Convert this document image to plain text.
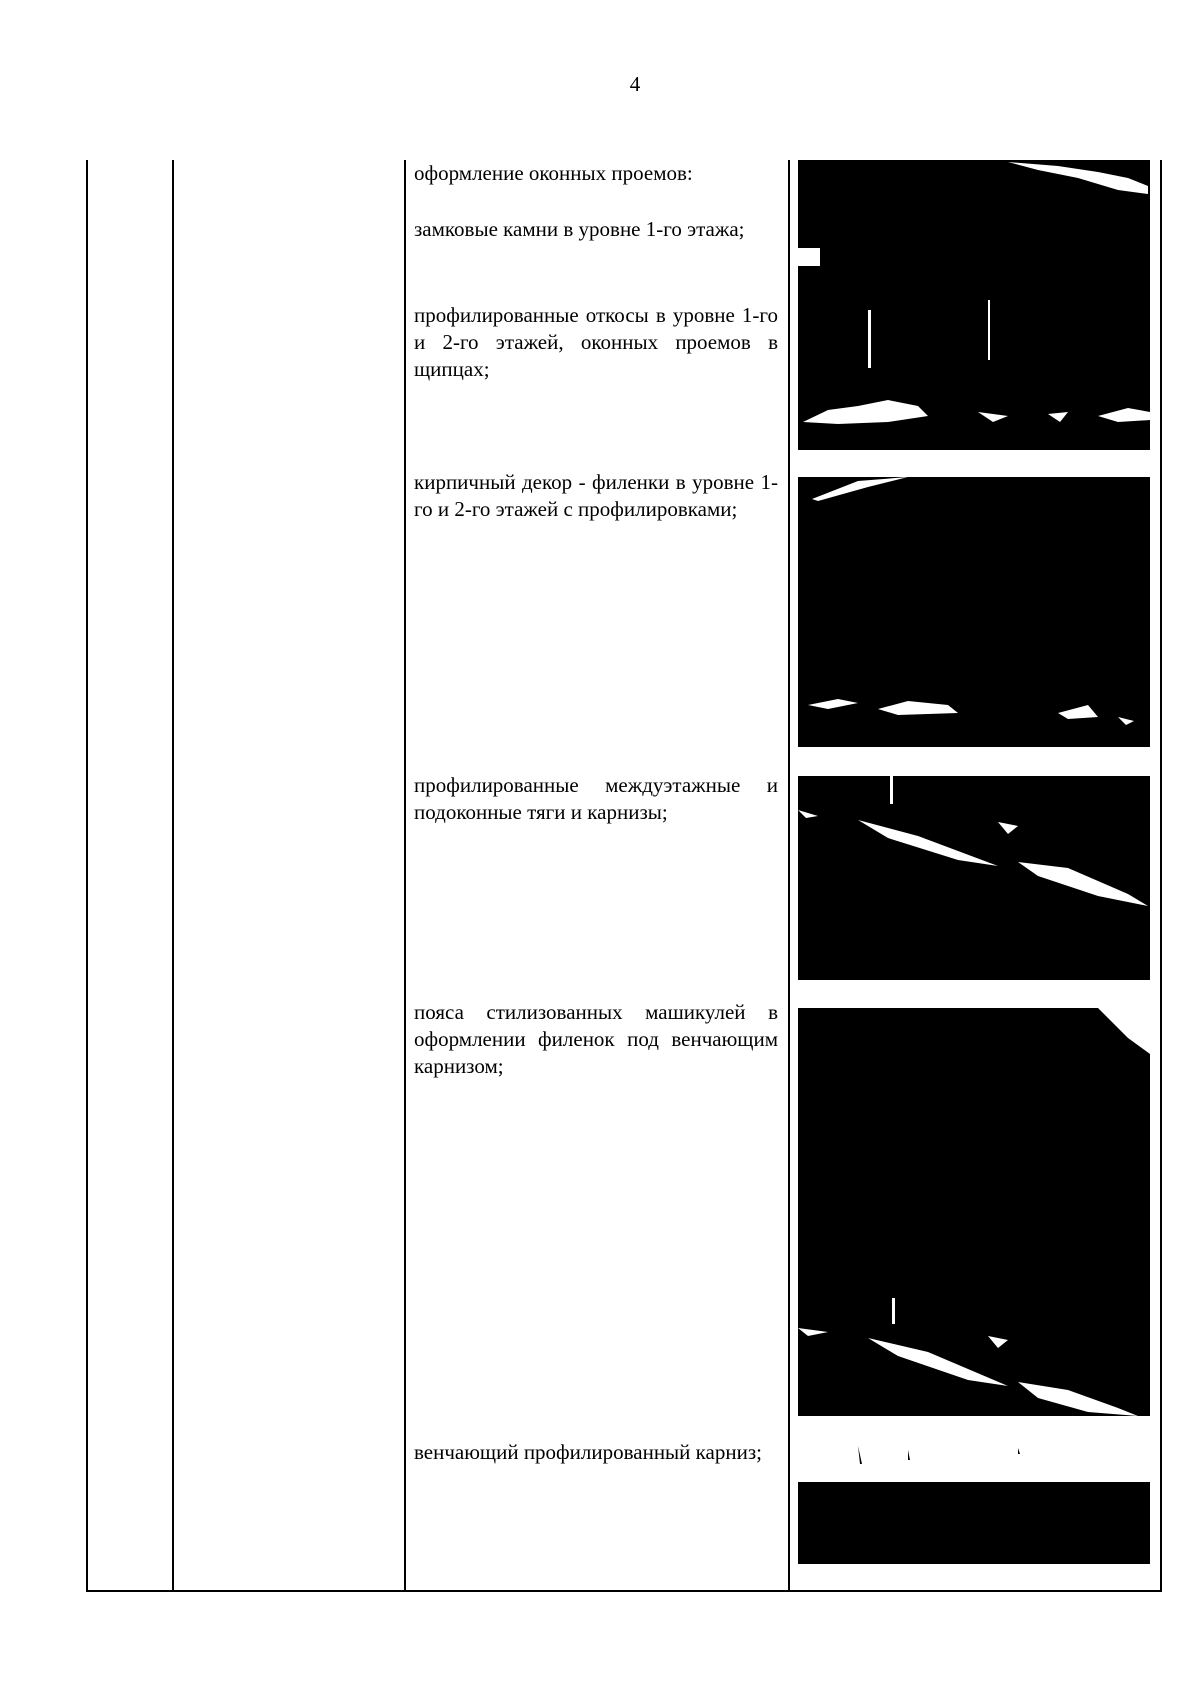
4
оформление оконных проемов:
замковые камни в уровне 1-го этажа;
профилированные откосы в уровне 1-го и 2-го этажей, оконных проемов в щипцах;
кирпичный декор - филенки в уровне 1-го и 2-го этажей с профилировками;
профилированные междуэтажные и подоконные тяги и карнизы;
пояса стилизованных машикулей в оформлении филенок под венчающим карнизом;
венчающий профилированный карниз;
